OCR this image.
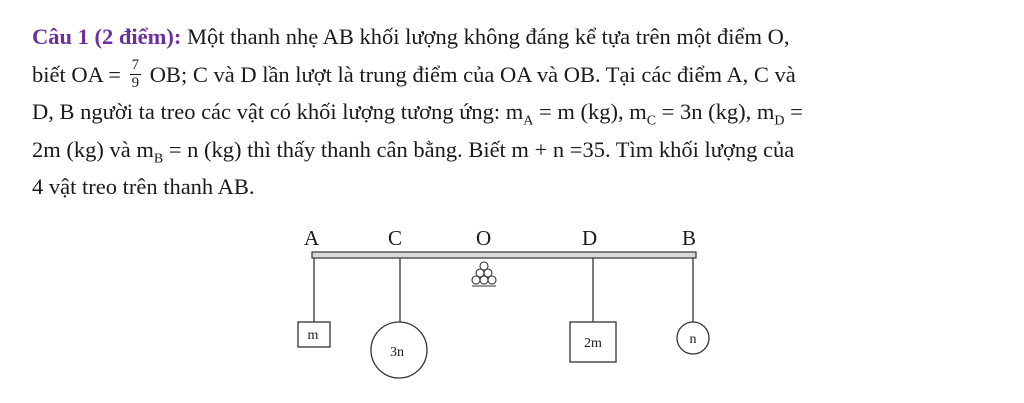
Câu 1 (2 điểm): Một thanh nhẹ AB khối lượng không đáng kể tựa trên một điểm O,

biết OA = $\frac{7}{9}$ OB; C và D lần lượt là trung điểm của OA và OB. Tại các điểm A, C và

D, B người ta treo các vật có khối lượng tương ứng: $m_A = m$ (kg), $m_C = 3n$ (kg), $m_D$ =

2m (kg) và $m_B = n$ (kg) thì thấy thanh cân bằng. Biết m + n =35. Tìm khối lượng của

4 vật treo trên thanh AB.

A	C	O	D	B
m
3n
2m	n
